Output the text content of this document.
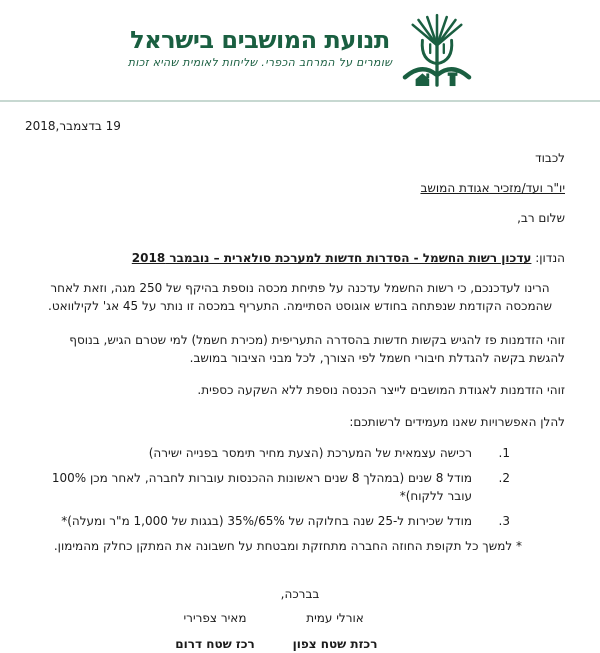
תנועת המושבים בישראל
שומרים על המרחב הכפרי. שליחות לאומית שהיא זכות
19 בדצמבר,2018
לכבוד
יו"ר ועד/מזכיר אגודת המושב
שלום רב,
הנדון: עדכון רשות החשמל - הסדרות חדשות למערכת סולארית – נובמבר 2018
הרינו לעדכנכם, כי רשות החשמל עדכנה על פתיחת מכסה נוספת בהיקף של 250 מגה, וזאת לאחר שהמכסה הקודמת שנפתחה בחודש אוגוסט הסתיימה. התעריף במכסה זו נותר על 45 אג' לקילוואט.
זוהי הזדמנות פז להגיש בקשות חדשות בהסדרה התעריפית (מכירת חשמל) למי שטרם הגיש, בנוסף להגשת בקשה להגדלת חיבורי חשמל לפי הצורך, לכל מבני הציבור במושב.
זוהי הזדמנות לאגודת המושבים לייצר הכנסה נוספת ללא השקעה כספית.
להלן האפשרויות שאנו מעמידים לרשותכם:
1.
רכישה עצמאית של המערכת (הצעת מחיר תימסר בפנייה ישירה)
2.
מודל 8 שנים (במהלך 8 שנים ראשונות ההכנסות עוברות לחברה, לאחר מכן 100% עובר ללקוח)*
3.
מודל שכירות ל-25 שנה בחלוקה של 65%/35% (בגגות של 1,000 מ"ר ומעלה)*
* למשך כל תקופת החוזה החברה מתחזקת ומבטחת על חשבונה את המתקן כחלק מהמימון.
בברכה,
אורלי עמית
מאיר צפרירי
רכזת שטח צפון
רכז שטח דרום
